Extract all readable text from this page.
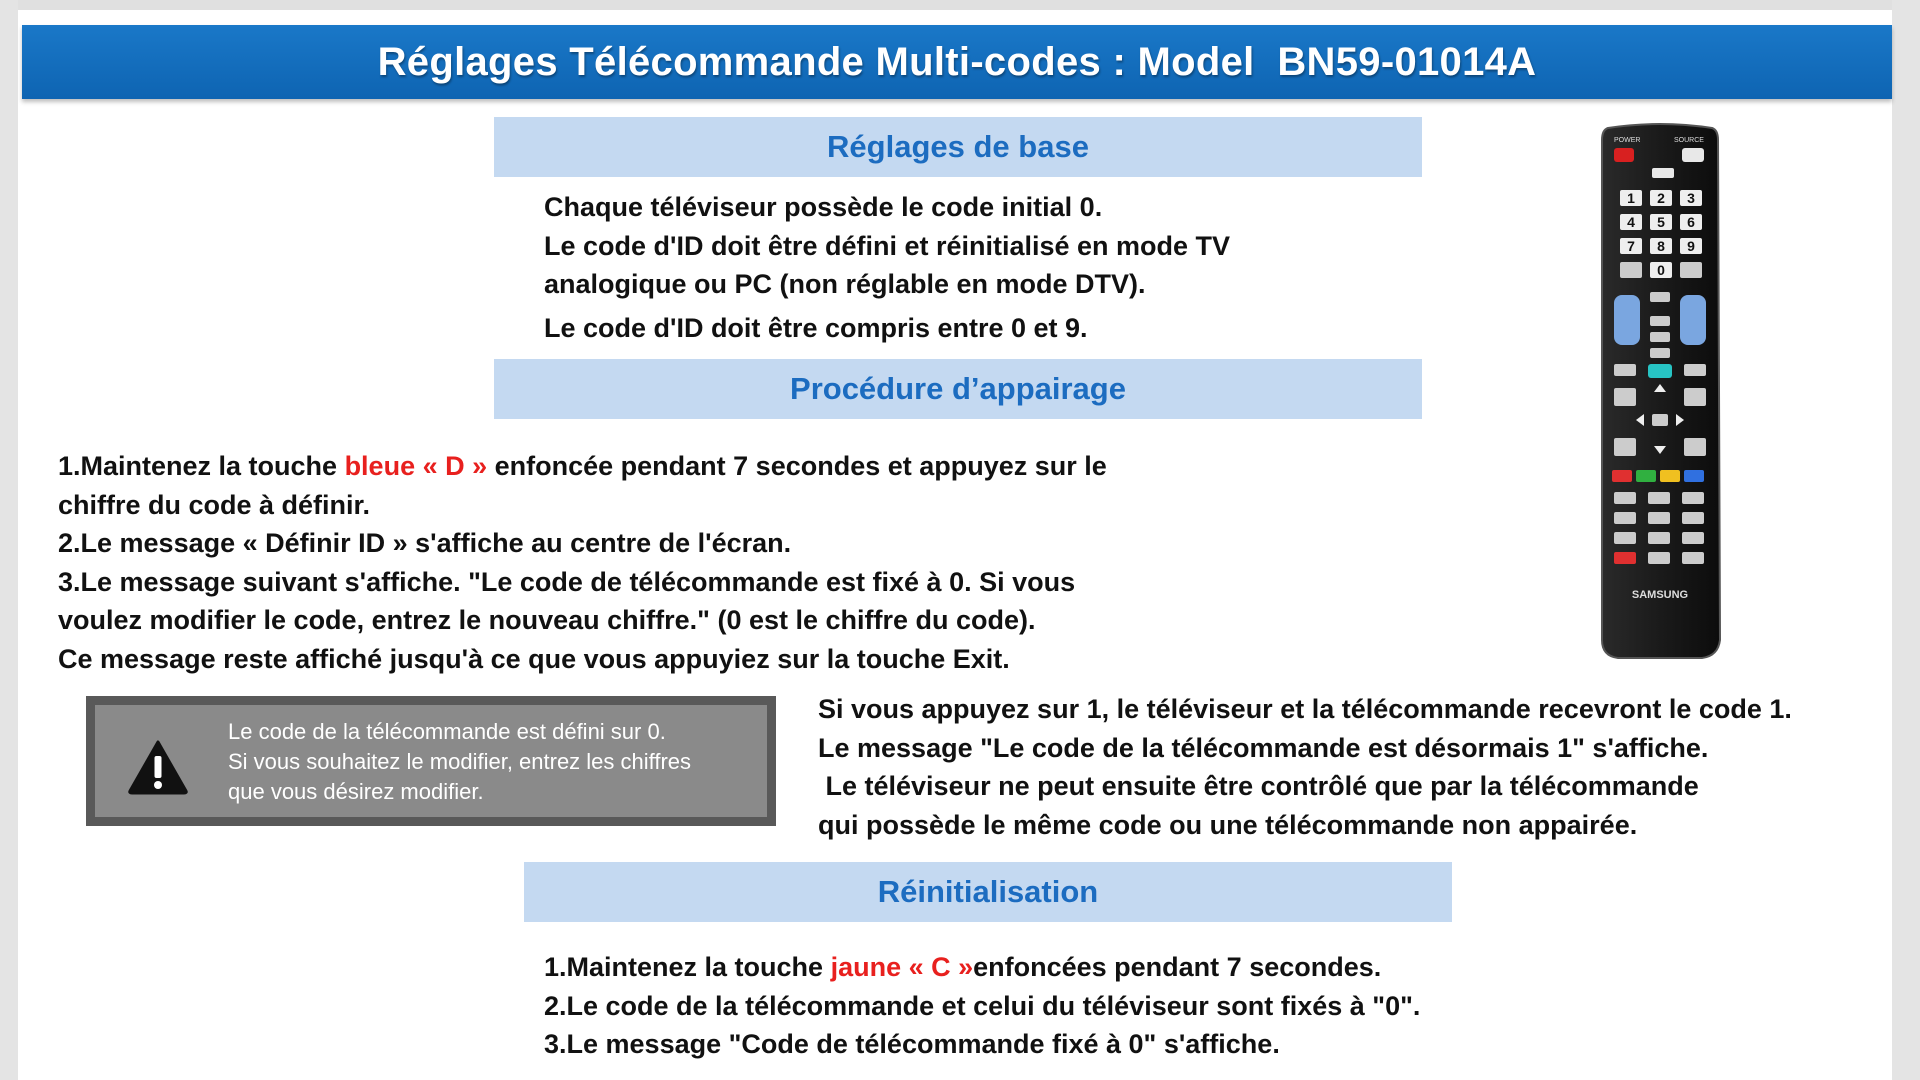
Réglages Télécommande Multi-codes : Model  BN59-01014A
Réglages de base
Chaque téléviseur possède le code initial 0.
Le code d'ID doit être défini et réinitialisé en mode TV
analogique ou PC (non réglable en mode DTV).
Le code d'ID doit être compris entre 0 et 9.
Procédure d’appairage
1.Maintenez la touche bleue « D » enfoncée pendant 7 secondes et appuyez sur le
chiffre du code à définir.
2.Le message « Définir ID » s'affiche au centre de l'écran.
3.Le message suivant s'affiche. "Le code de télécommande est fixé à 0. Si vous
voulez modifier le code, entrez le nouveau chiffre." (0 est le chiffre du code).
Ce message reste affiché jusqu'à ce que vous appuyiez sur la touche Exit.
Le code de la télécommande est défini sur 0.
Si vous souhaitez le modifier, entrez les chiffres
que vous désirez modifier.
Si vous appuyez sur 1, le téléviseur et la télécommande recevront le code 1.
Le message "Le code de la télécommande est désormais 1" s'affiche.
Le téléviseur ne peut ensuite être contrôlé que par la télécommande
qui possède le même code ou une télécommande non appairée.
Réinitialisation
1.Maintenez la touche jaune « C »enfoncées pendant 7 secondes.
2.Le code de la télécommande et celui du téléviseur sont fixés à "0".
3.Le message "Code de télécommande fixé à 0" s'affiche.
POWER	SOURCE
1 2 3
4 5 6
7 8 9
0
SAMSUNG
